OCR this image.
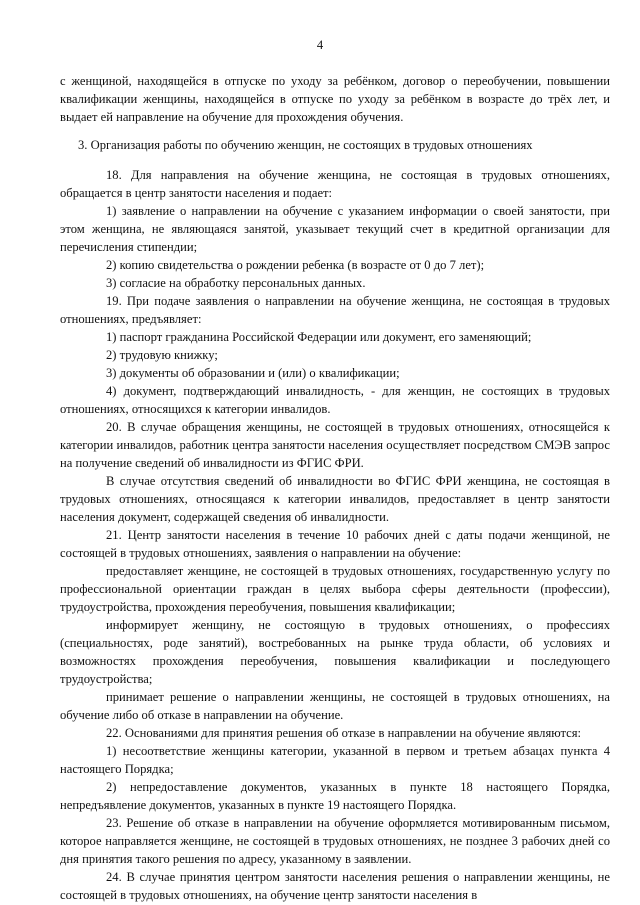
4

с женщиной, находящейся в отпуске по уходу за ребёнком, договор о переобучении, повышении квалификации женщины, находящейся в отпуске по уходу за ребёнком в возрасте до трёх лет, и выдает ей направление на обучение для прохождения обучения.

3. Организация работы по обучению женщин, не состоящих в трудовых отношениях

18. Для направления на обучение женщина, не состоящая в трудовых отношениях, обращается в центр занятости населения и подает:

1) заявление о направлении на обучение с указанием информации о своей занятости, при этом женщина, не являющаяся занятой, указывает текущий счет в кредитной организации для перечисления стипендии;

2) копию свидетельства о рождении ребенка (в возрасте от 0 до 7 лет);

3) согласие на обработку персональных данных.

19. При подаче заявления о направлении на обучение женщина, не состоящая в трудовых отношениях, предъявляет:

1) паспорт гражданина Российской Федерации или документ, его заменяющий;

2) трудовую книжку;

3) документы об образовании и (или) о квалификации;

4) документ, подтверждающий инвалидность, - для женщин, не состоящих в трудовых отношениях, относящихся к категории инвалидов.

20. В случае обращения женщины, не состоящей в трудовых отношениях, относящейся к категории инвалидов, работник центра занятости населения осуществляет посредством СМЭВ запрос на получение сведений об инвалидности из ФГИС ФРИ.

В случае отсутствия сведений об инвалидности во ФГИС ФРИ женщина, не состоящая в трудовых отношениях, относящаяся к категории инвалидов, предоставляет в центр занятости населения документ, содержащей сведения об инвалидности.

21. Центр занятости населения в течение 10 рабочих дней с даты подачи женщиной, не состоящей в трудовых отношениях, заявления о направлении на обучение:

предоставляет женщине, не состоящей в трудовых отношениях, государственную услугу по профессиональной ориентации граждан в целях выбора сферы деятельности (профессии), трудоустройства, прохождения переобучения, повышения квалификации;

информирует женщину, не состоящую в трудовых отношениях, о профессиях (специальностях, роде занятий), востребованных на рынке труда области, об условиях и возможностях прохождения переобучения, повышения квалификации и последующего трудоустройства;

принимает решение о направлении женщины, не состоящей в трудовых отношениях, на обучение либо об отказе в направлении на обучение.

22. Основаниями для принятия решения об отказе в направлении на обучение являются:

1) несоответствие женщины категории, указанной в первом и третьем абзацах пункта 4 настоящего Порядка;

2) непредоставление документов, указанных в пункте 18 настоящего Порядка, непредъявление документов, указанных в пункте 19 настоящего Порядка.

23. Решение об отказе в направлении на обучение оформляется мотивированным письмом, которое направляется женщине, не состоящей в трудовых отношениях, не позднее 3 рабочих дней со дня принятия такого решения по адресу, указанному в заявлении.

24. В случае принятия центром занятости населения решения о направлении женщины, не состоящей в трудовых отношениях, на обучение центр занятости населения в
